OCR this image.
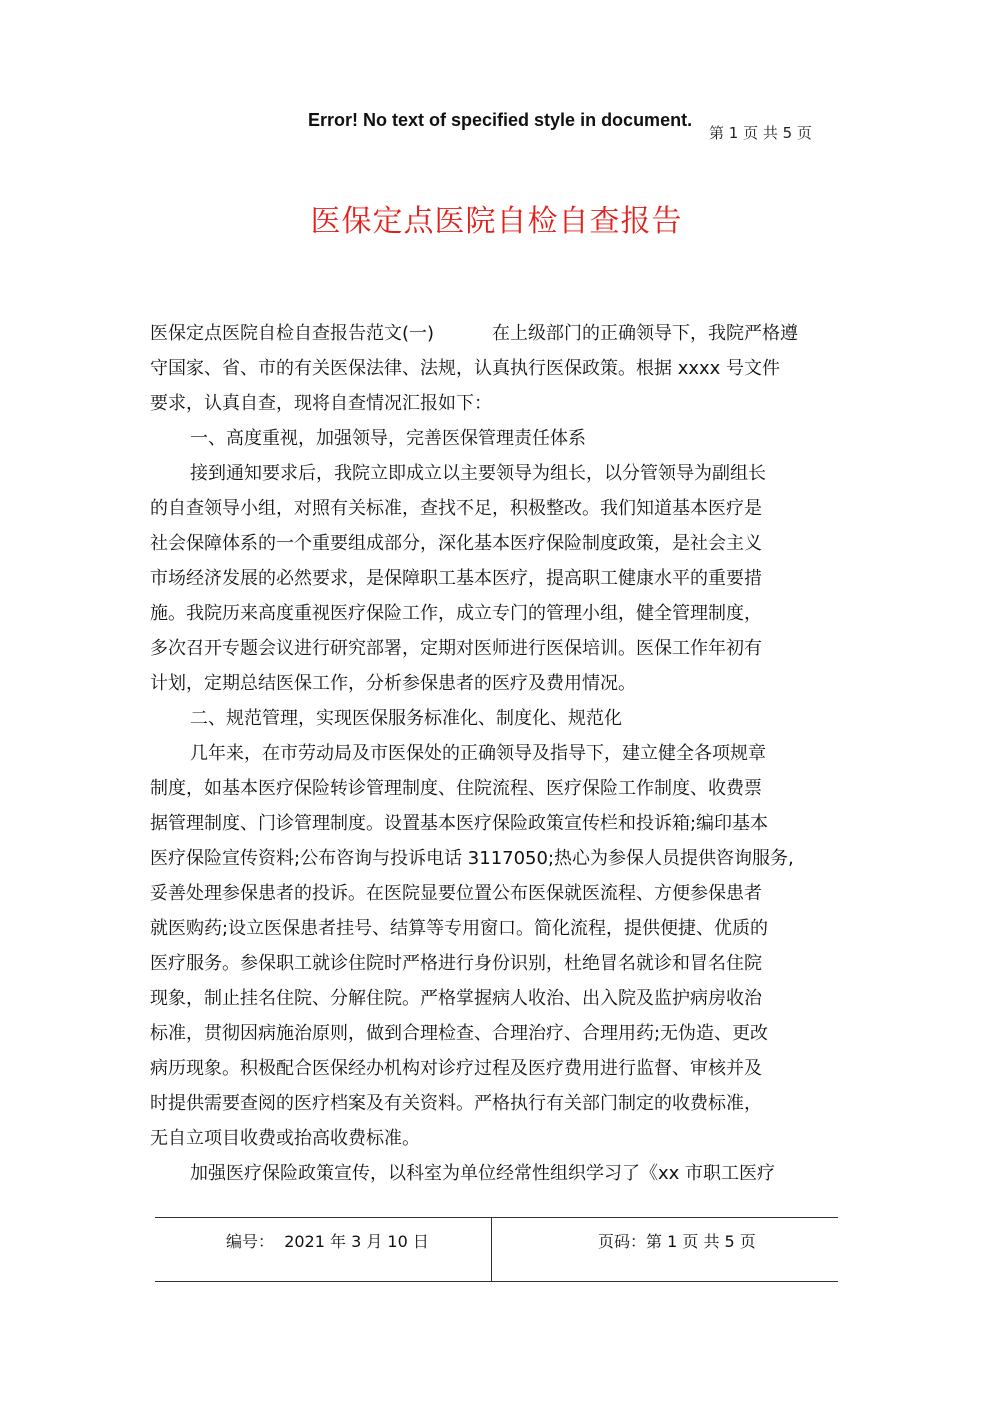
Error! No text of specified style in document.
第 1 页 共 5 页
医保定点医院自检自查报告
医保定点医院自检自查报告范文(一)	在上级部门的正确领导下，我院严格遵
守国家、省、市的有关医保法律、法规，认真执行医保政策。根据 xxxx 号文件
要求，认真自查，现将自查情况汇报如下：
一、高度重视，加强领导，完善医保管理责任体系
接到通知要求后，我院立即成立以主要领导为组长，以分管领导为副组长
的自查领导小组，对照有关标准，查找不足，积极整改。我们知道基本医疗是
社会保障体系的一个重要组成部分，深化基本医疗保险制度政策，是社会主义
市场经济发展的必然要求，是保障职工基本医疗，提高职工健康水平的重要措
施。我院历来高度重视医疗保险工作，成立专门的管理小组，健全管理制度，
多次召开专题会议进行研究部署，定期对医师进行医保培训。医保工作年初有
计划，定期总结医保工作，分析参保患者的医疗及费用情况。
二、规范管理，实现医保服务标准化、制度化、规范化
几年来，在市劳动局及市医保处的正确领导及指导下，建立健全各项规章
制度，如基本医疗保险转诊管理制度、住院流程、医疗保险工作制度、收费票
据管理制度、门诊管理制度。设置基本医疗保险政策宣传栏和投诉箱;编印基本
医疗保险宣传资料;公布咨询与投诉电话 3117050;热心为参保人员提供咨询服务,
妥善处理参保患者的投诉。在医院显要位置公布医保就医流程、方便参保患者
就医购药;设立医保患者挂号、结算等专用窗口。简化流程，提供便捷、优质的
医疗服务。参保职工就诊住院时严格进行身份识别，杜绝冒名就诊和冒名住院
现象，制止挂名住院、分解住院。严格掌握病人收治、出入院及监护病房收治
标准，贯彻因病施治原则，做到合理检查、合理治疗、合理用药;无伪造、更改
病历现象。积极配合医保经办机构对诊疗过程及医疗费用进行监督、审核并及
时提供需要查阅的医疗档案及有关资料。严格执行有关部门制定的收费标准，
无自立项目收费或抬高收费标准。
加强医疗保险政策宣传，以科室为单位经常性组织学习了《xx 市职工医疗
编号： 2021 年 3 月 10 日	页码：第 1 页 共 5 页
